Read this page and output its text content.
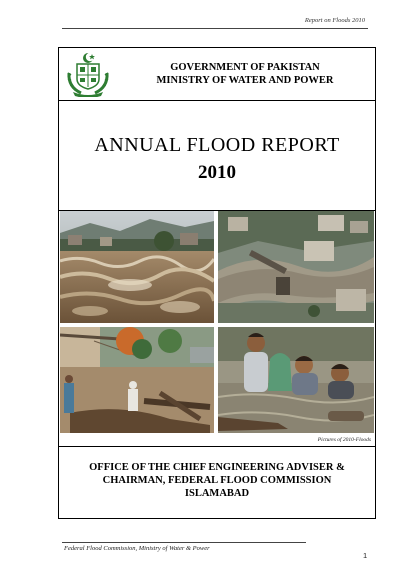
Report on Floods 2010
GOVERNMENT OF PAKISTAN
MINISTRY OF WATER AND POWER
ANNUAL FLOOD REPORT
2010
Pictures of 2010-Floods
OFFICE OF THE CHIEF ENGINEERING ADVISER &
CHAIRMAN, FEDERAL FLOOD COMMISSION
ISLAMABAD
Federal Flood Commission, Ministry of Water & Power
1
